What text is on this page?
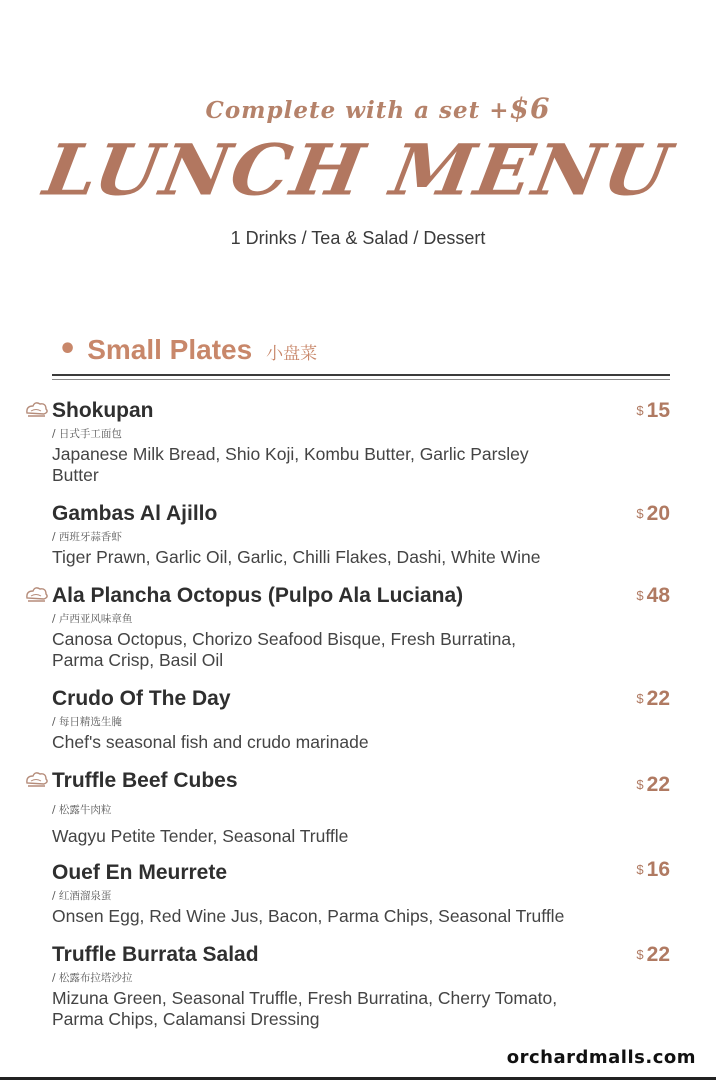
Complete with a set +$6
LUNCH MENU
1 Drinks / Tea & Salad / Dessert
• Small Plates 小盘菜
Shokupan
/ 日式手工面包
Japanese Milk Bread, Shio Koji, Kombu Butter, Garlic Parsley Butter
$ 15
Gambas Al Ajillo
/ 西班牙蒜香虾
Tiger Prawn, Garlic Oil, Garlic, Chilli Flakes, Dashi, White Wine
$ 20
Ala Plancha Octopus (Pulpo Ala Luciana)
/ 卢西亚风味章鱼
Canosa Octopus, Chorizo Seafood Bisque, Fresh Burratina, Parma Crisp, Basil Oil
$ 48
Crudo Of The Day
/ 每日精选生腌
Chef's seasonal fish and crudo marinade
$ 22
Truffle Beef Cubes
/ 松露牛肉粒
Wagyu Petite Tender, Seasonal Truffle
$ 22
Ouef En Meurrete
/ 红酒溜泉蛋
Onsen Egg, Red Wine Jus, Bacon, Parma Chips, Seasonal Truffle
$ 16
Truffle Burrata Salad
/ 松露布拉塔沙拉
Mizuna Green, Seasonal Truffle, Fresh Burratina, Cherry Tomato, Parma Chips, Calamansi Dressing
$ 22
orchardmalls.com
